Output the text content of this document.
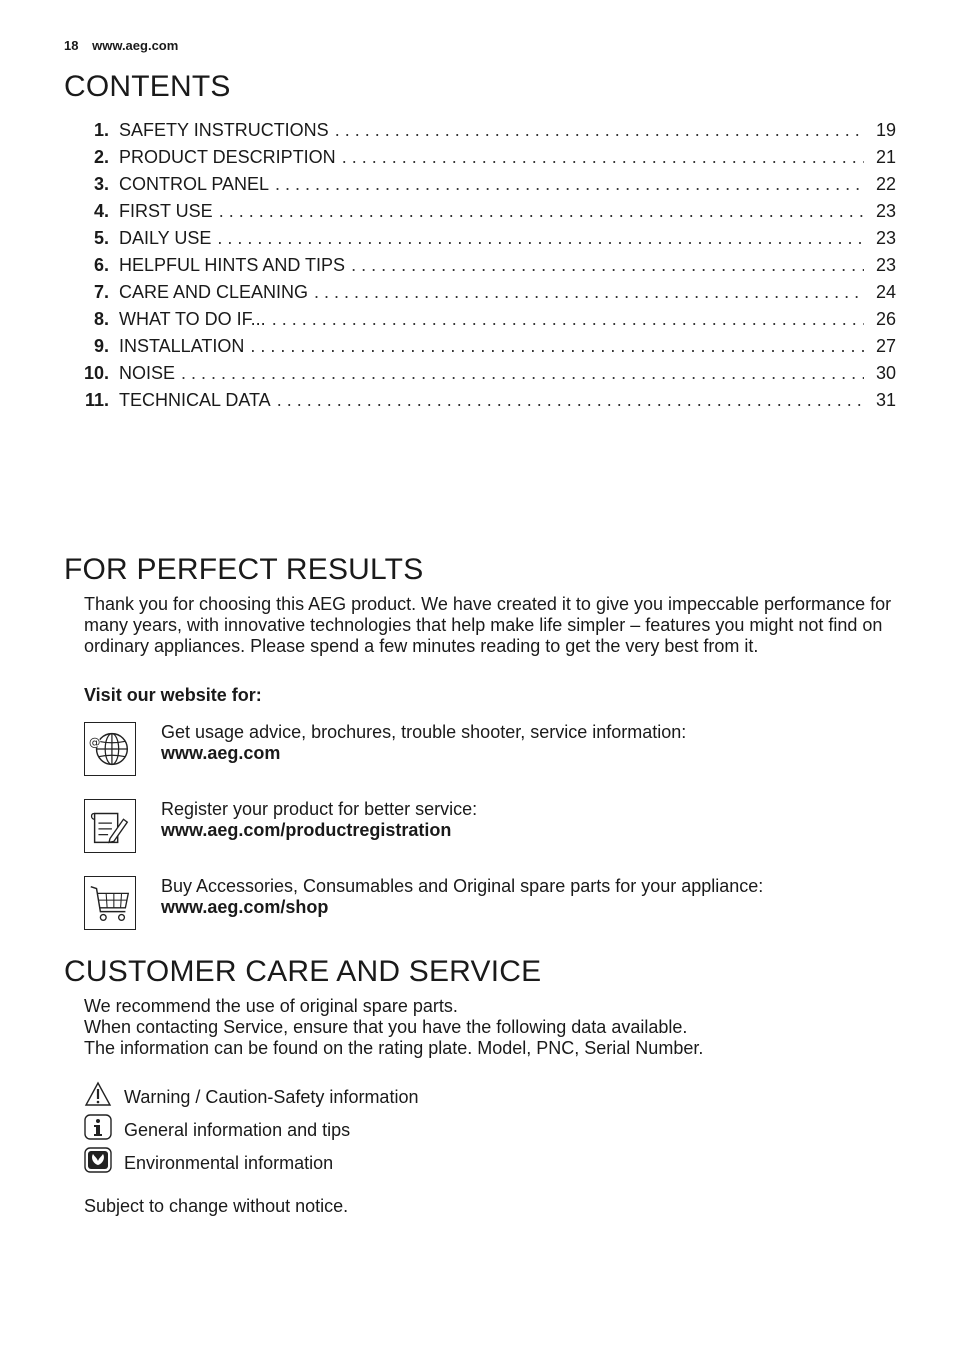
18 www.aeg.com
CONTENTS
1. SAFETY INSTRUCTIONS . . .	19
2. PRODUCT DESCRIPTION . . .	21
3. CONTROL PANEL . . .	22
4. FIRST USE . . .	23
5. DAILY USE . . .	23
6. HELPFUL HINTS AND TIPS . . .	23
7. CARE AND CLEANING . . .	24
8. WHAT TO DO IF... . . .	26
9. INSTALLATION . . .	27
10. NOISE . . .	30
11. TECHNICAL DATA . . .	31
FOR PERFECT RESULTS
Thank you for choosing this AEG product. We have created it to give you impeccable performance for many years, with innovative technologies that help make life simpler – features you might not find on ordinary appliances. Please spend a few minutes reading to get the very best from it.
Visit our website for:
@
Get usage advice, brochures, trouble shooter, service information:
www.aeg.com
Register your product for better service:
www.aeg.com/productregistration
Buy Accessories, Consumables and Original spare parts for your appliance:
www.aeg.com/shop
CUSTOMER CARE AND SERVICE
We recommend the use of original spare parts.
When contacting Service, ensure that you have the following data available.
The information can be found on the rating plate. Model, PNC, Serial Number.
Warning / Caution-Safety information
General information and tips
Environmental information
Subject to change without notice.
